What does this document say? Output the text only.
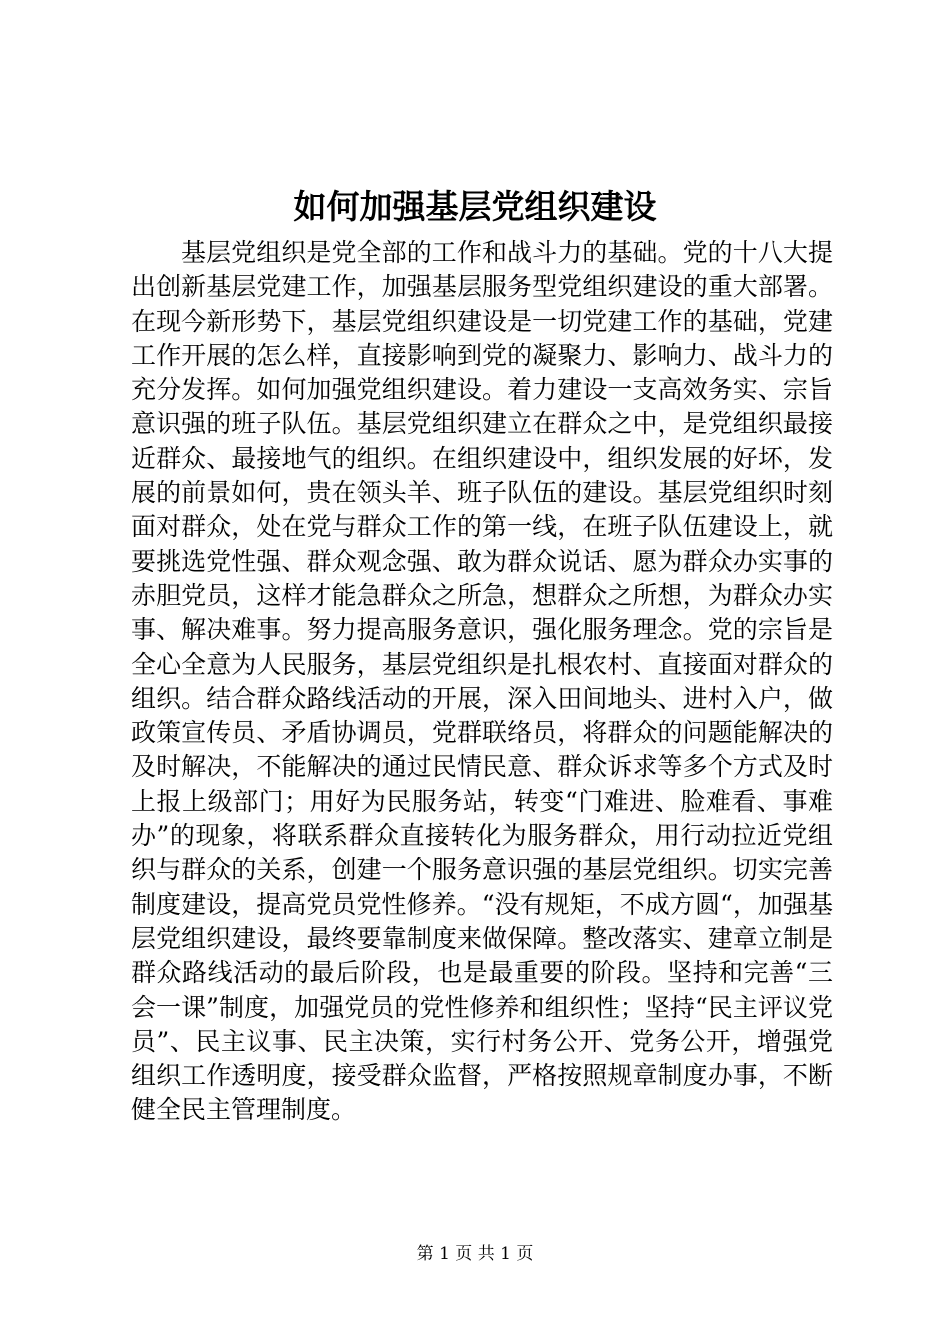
如何加强基层党组织建设

基层党组织是党全部的工作和战斗力的基础。党的十八大提出创新基层党建工作，加强基层服务型党组织建设的重大部署。在现今新形势下，基层党组织建设是一切党建工作的基础，党建工作开展的怎么样，直接影响到党的凝聚力、影响力、战斗力的充分发挥。如何加强党组织建设。着力建设一支高效务实、宗旨意识强的班子队伍。基层党组织建立在群众之中，是党组织最接近群众、最接地气的组织。在组织建设中，组织发展的好坏，发展的前景如何，贵在领头羊、班子队伍的建设。基层党组织时刻面对群众，处在党与群众工作的第一线，在班子队伍建设上，就要挑选党性强、群众观念强、敢为群众说话、愿为群众办实事的赤胆党员，这样才能急群众之所急，想群众之所想，为群众办实事、解决难事。努力提高服务意识，强化服务理念。党的宗旨是全心全意为人民服务，基层党组织是扎根农村、直接面对群众的组织。结合群众路线活动的开展，深入田间地头、进村入户，做政策宣传员、矛盾协调员，党群联络员，将群众的问题能解决的及时解决，不能解决的通过民情民意、群众诉求等多个方式及时上报上级部门；用好为民服务站，转变“门难进、脸难看、事难办”的现象，将联系群众直接转化为服务群众，用行动拉近党组织与群众的关系，创建一个服务意识强的基层党组织。切实完善制度建设，提高党员党性修养。“没有规矩，不成方圆“，加强基层党组织建设，最终要靠制度来做保障。整改落实、建章立制是群众路线活动的最后阶段，也是最重要的阶段。坚持和完善“三会一课”制度，加强党员的党性修养和组织性；坚持“民主评议党员”、民主议事、民主决策，实行村务公开、党务公开，增强党组织工作透明度，接受群众监督，严格按照规章制度办事，不断健全民主管理制度。

第 1 页 共 1 页
